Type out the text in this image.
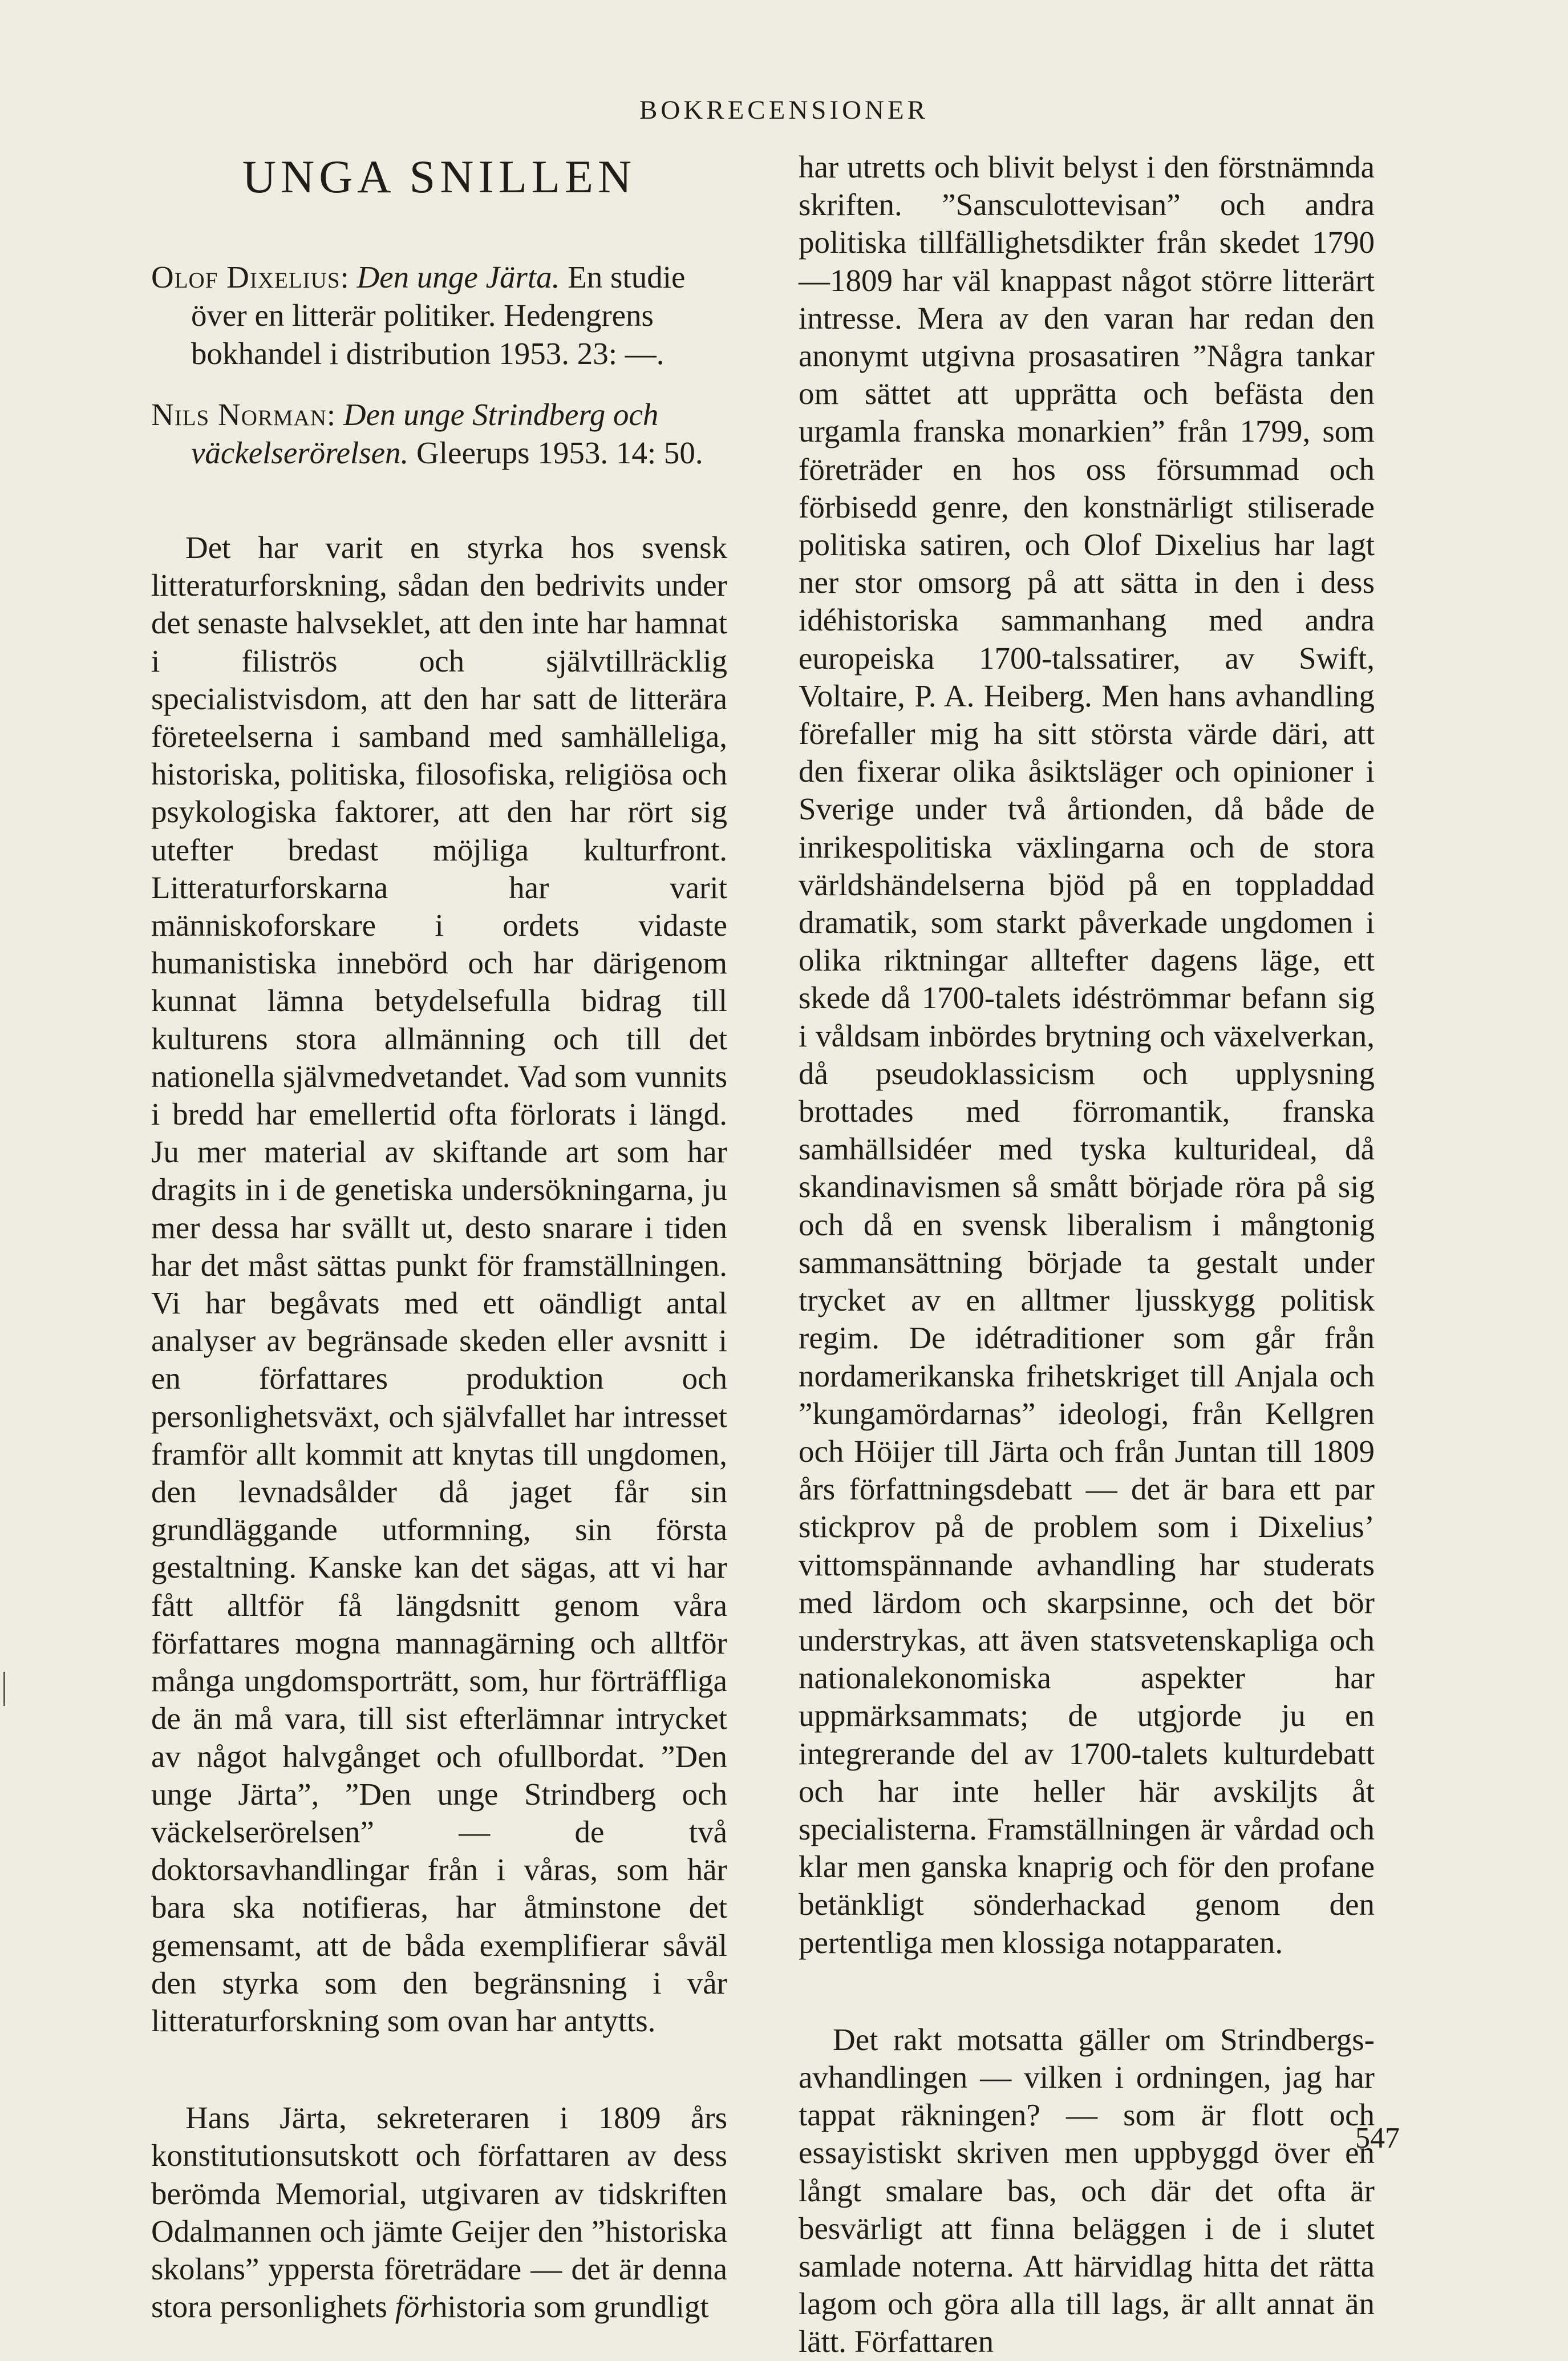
BOKRECENSIONER
UNGA SNILLEN
Olof Dixelius: Den unge Järta. En studie över en litterär politiker. Hedengrens bokhandel i distribution 1953. 23: —.
Nils Norman: Den unge Strindberg och väckelserörelsen. Gleerups 1953. 14: 50.

Det har varit en styrka hos svensk litteraturforskning, sådan den bedrivits under det senaste halvseklet, att den inte har hamnat i filiströs och självtillräcklig specialistvisdom, att den har satt de litterära företeelserna i samband med samhälleliga, historiska, politiska, filosofiska, religiösa och psykologiska faktorer, att den har rört sig utefter bredast möjliga kulturfront. Litteraturforskarna har varit människoforskare i ordets vidaste humanistiska innebörd och har därigenom kunnat lämna betydelsefulla bidrag till kulturens stora allmänning och till det nationella självmedvetandet. Vad som vunnits i bredd har emellertid ofta förlorats i längd. Ju mer material av skiftande art som har dragits in i de genetiska undersökningarna, ju mer dessa har svällt ut, desto snarare i tiden har det måst sättas punkt för framställningen. Vi har begåvats med ett oändligt antal analyser av begränsade skeden eller avsnitt i en författares produktion och personlighetsväxt, och självfallet har intresset framför allt kommit att knytas till ungdomen, den levnadsålder då jaget får sin grundläggande utformning, sin första gestaltning. Kanske kan det sägas, att vi har fått alltför få längdsnitt genom våra författares mogna mannagärning och alltför många ungdomsporträtt, som, hur förträffliga de än må vara, till sist efterlämnar intrycket av något halvgånget och ofullbordat. ”Den unge Järta”, ”Den unge Strindberg och väckelserörelsen” — de två doktorsavhandlingar från i våras, som här bara ska notifieras, har åtminstone det gemensamt, att de båda exemplifierar såväl den styrka som den begränsning i vår litteraturforskning som ovan har antytts.

Hans Järta, sekreteraren i 1809 års konstitutionsutskott och författaren av dess berömda Memorial, utgivaren av tidskriften Odalmannen och jämte Geijer den ”historiska skolans” yppersta företrädare — det är denna stora personlighets förhistoria som grundligt

har utretts och blivit belyst i den förstnämnda skriften. ”Sansculottevisan” och andra politiska tillfällighetsdikter från skedet 1790—1809 har väl knappast något större litterärt intresse. Mera av den varan har redan den anonymt utgivna prosasatiren ”Några tankar om sättet att upprätta och befästa den urgamla franska monarkien” från 1799, som företräder en hos oss försummad och förbisedd genre, den konstnärligt stiliserade politiska satiren, och Olof Dixelius har lagt ner stor omsorg på att sätta in den i dess idéhistoriska sammanhang med andra europeiska 1700-talssatirer, av Swift, Voltaire, P. A. Heiberg. Men hans avhandling förefaller mig ha sitt största värde däri, att den fixerar olika åsiktsläger och opinioner i Sverige under två årtionden, då både de inrikespolitiska växlingarna och de stora världshändelserna bjöd på en toppladdad dramatik, som starkt påverkade ungdomen i olika riktningar alltefter dagens läge, ett skede då 1700-talets idéströmmar befann sig i våldsam inbördes brytning och växelverkan, då pseudoklassicism och upplysning brottades med förromantik, franska samhällsidéer med tyska kulturideal, då skandinavismen så smått började röra på sig och då en svensk liberalism i mångtonig sammansättning började ta gestalt under trycket av en alltmer ljusskygg politisk regim. De idétraditioner som går från nordamerikanska frihetskriget till Anjala och ”kungamördarnas” ideologi, från Kellgren och Höijer till Järta och från Juntan till 1809 års författningsdebatt — det är bara ett par stickprov på de problem som i Dixelius’ vittomspännande avhandling har studerats med lärdom och skarpsinne, och det bör understrykas, att även statsvetenskapliga och nationalekonomiska aspekter har uppmärksammats; de utgjorde ju en integrerande del av 1700-talets kulturdebatt och har inte heller här avskiljts åt specialisterna. Framställningen är vårdad och klar men ganska knaprig och för den profane betänkligt sönderhackad genom den pertentliga men klossiga notapparaten.

Det rakt motsatta gäller om Strindbergs-avhandlingen — vilken i ordningen, jag har tappat räkningen? — som är flott och essayistiskt skriven men uppbyggd över en långt smalare bas, och där det ofta är besvärligt att finna beläggen i de i slutet samlade noterna. Att härvidlag hitta det rätta lagom och göra alla till lags, är allt annat än lätt. Författaren

547
